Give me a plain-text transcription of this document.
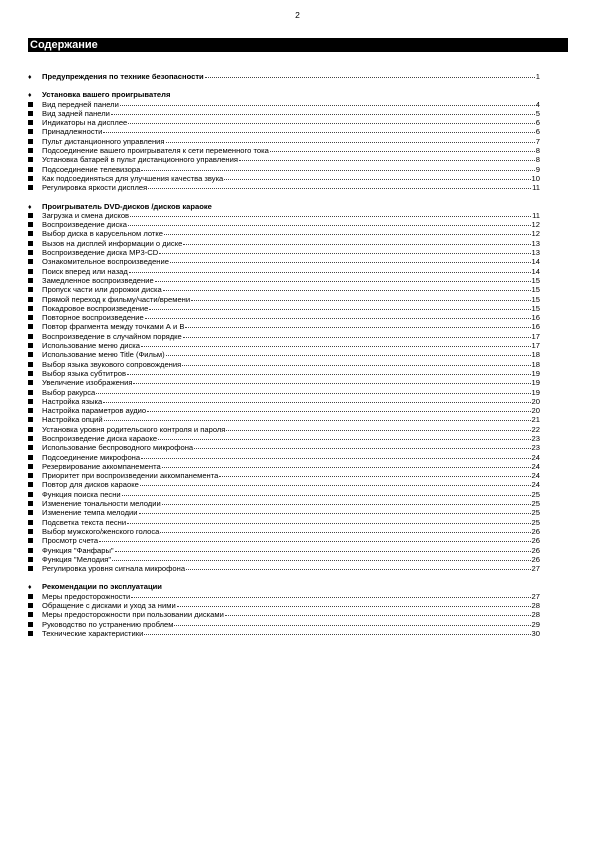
2
Содержание
♦	Предупреждения по технике безопасности	1
♦	Установка вашего проигрывателя
Вид передней панели	4
Вид задней панели	5
Индикаторы на дисплее	6
Принадлежности	6
Пульт дистанционного управления	7
Подсоединение вашего проигрывателя к сети переменного тока	8
Установка батарей в пульт дистанционного управления	8
Подсоединение телевизора	9
Как подсоединяться для улучшения качества звука	10
Регулировка яркости дисплея	11
♦	Проигрыватель DVD-дисков /дисков караоке
Загрузка и смена дисков	11
Воспроизведение диска	12
Выбор диска в карусельном лотке	12
Вызов на дисплей информации о диске	13
Воспроизведение диска MP3-CD	13
Ознакомительное воспроизведение	14
Поиск вперед или назад	14
Замедленное воспроизведение	15
Пропуск части или дорожки диска	15
Прямой переход к фильму/части/времени	15
Покадровое воспроизведение	15
Повторное воспроизведение	16
Повтор фрагмента между точками А и В	16
Воспроизведение в случайном порядке	17
Использование меню диска	17
Использование меню Title (Фильм)	18
Выбор языка звукового сопровождения	18
Выбор языка субтитров	19
Увеличение изображения	19
Выбор ракурса	19
Настройка языка	20
Настройка параметров аудио	20
Настройка опций	21
Установка уровня родительского контроля и пароля	22
Воспроизведение диска караоке	23
Использование беспроводного микрофона	23
Подсоединение микрофона	24
Резервирование аккомпанемента	24
Приоритет при воспроизведении аккомпанемента	24
Повтор для дисков караоке	24
Функция поиска песни	25
Изменение тональности мелодии	25
Изменение темпа мелодии	25
Подсветка текста песни	25
Выбор мужского/женского голоса	26
Просмотр счета	26
Функция "Фанфары"	26
Функция "Мелодия"	26
Регулировка уровня сигнала микрофона	27
♦	Рекомендации по эксплуатации
Меры предосторожности	27
Обращение с дисками и уход за ними	28
Меры предосторожности при пользовании дисками	28
Руководство по устранению проблем	29
Технические характеристики	30
